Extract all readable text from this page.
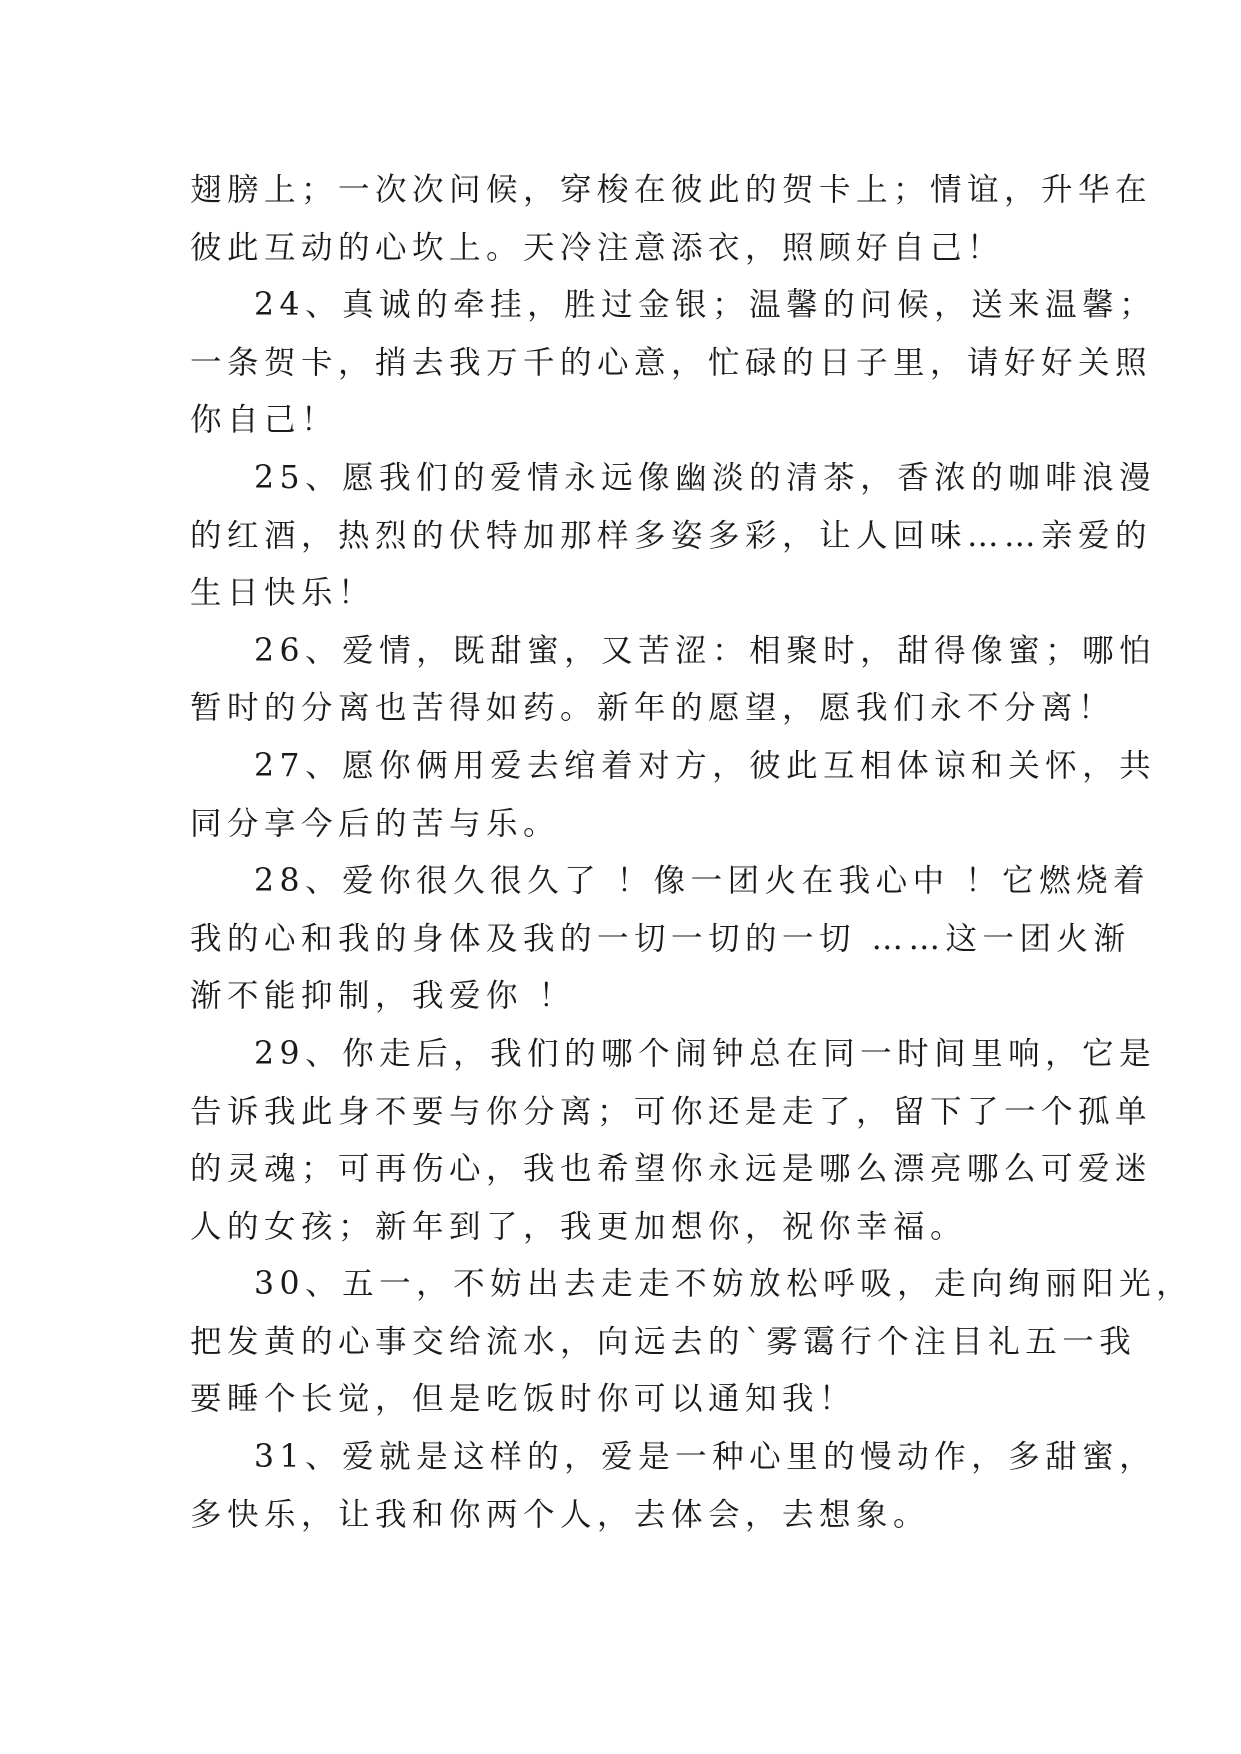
翅膀上；一次次问候，穿梭在彼此的贺卡上；情谊，升华在
彼此互动的心坎上。天冷注意添衣，照顾好自己！
24、真诚的牵挂，胜过金银；温馨的问候，送来温馨；
一条贺卡，捎去我万千的心意，忙碌的日子里，请好好关照
你自己！
25、愿我们的爱情永远像幽淡的清茶，香浓的咖啡浪漫
的红酒，热烈的伏特加那样多姿多彩，让人回味……亲爱的
生日快乐！
26、爱情，既甜蜜，又苦涩：相聚时，甜得像蜜；哪怕
暂时的分离也苦得如药。新年的愿望，愿我们永不分离！
27、愿你俩用爱去绾着对方，彼此互相体谅和关怀，共
同分享今后的苦与乐。
28、爱你很久很久了 ！像一团火在我心中 ！它燃烧着
我的心和我的身体及我的一切一切的一切 ……这一团火渐
渐不能抑制，我爱你 ！
29、你走后，我们的哪个闹钟总在同一时间里响，它是
告诉我此身不要与你分离；可你还是走了，留下了一个孤单
的灵魂；可再伤心，我也希望你永远是哪么漂亮哪么可爱迷
人的女孩；新年到了，我更加想你，祝你幸福。
30、五一，不妨出去走走不妨放松呼吸，走向绚丽阳光，
把发黄的心事交给流水，向远去的`雾霭行个注目礼五一我
要睡个长觉，但是吃饭时你可以通知我！
31、爱就是这样的，爱是一种心里的慢动作，多甜蜜，
多快乐，让我和你两个人，去体会，去想象。
